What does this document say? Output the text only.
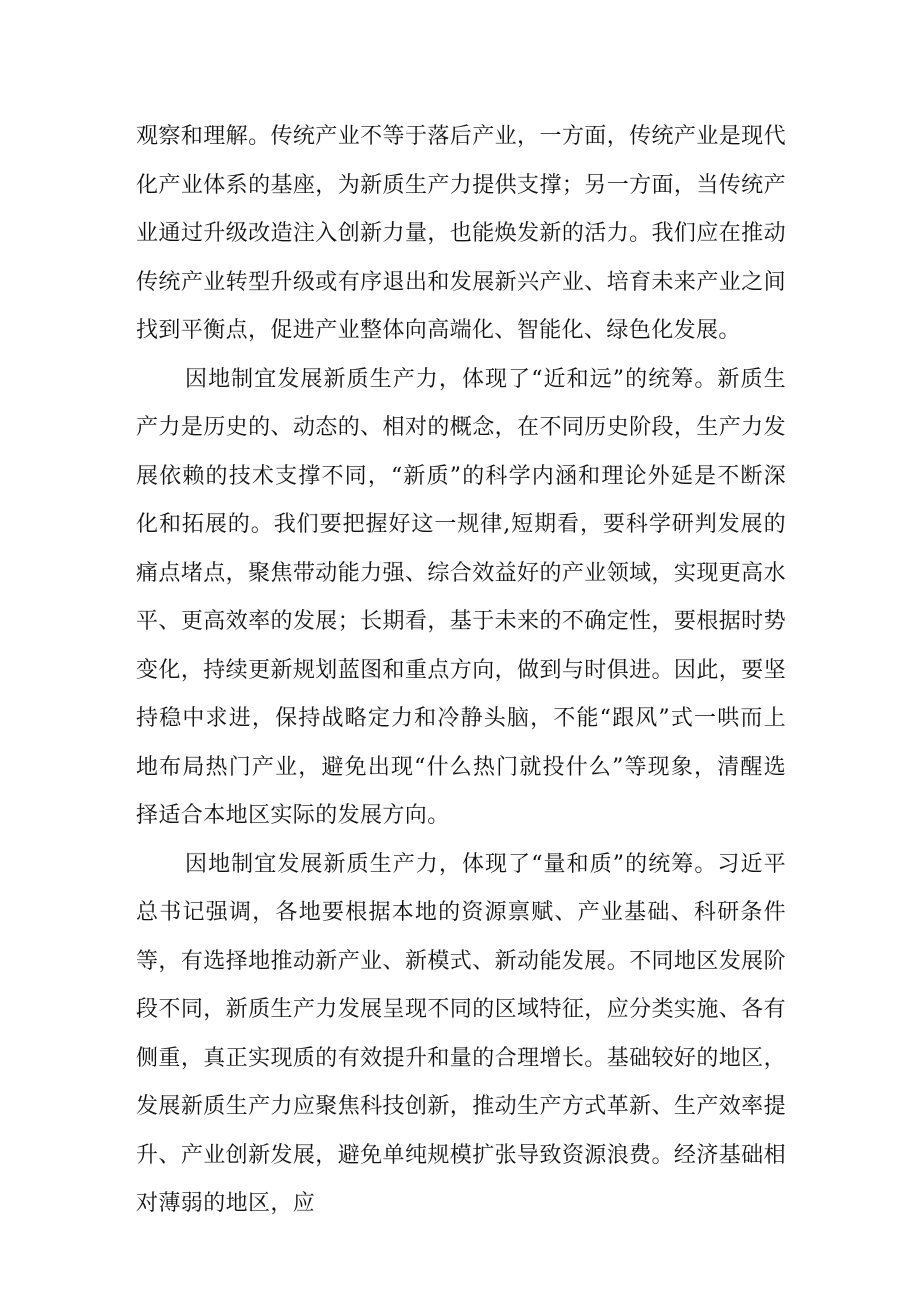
观察和理解。传统产业不等于落后产业，一方面，传统产业是现代化产业体系的基座，为新质生产力提供支撑；另一方面，当传统产业通过升级改造注入创新力量，也能焕发新的活力。我们应在推动传统产业转型升级或有序退出和发展新兴产业、培育未来产业之间找到平衡点，促进产业整体向高端化、智能化、绿色化发展。

因地制宜发展新质生产力，体现了“近和远”的统筹。新质生产力是历史的、动态的、相对的概念，在不同历史阶段，生产力发展依赖的技术支撑不同，“新质”的科学内涵和理论外延是不断深化和拓展的。我们要把握好这一规律,短期看，要科学研判发展的痛点堵点，聚焦带动能力强、综合效益好的产业领域，实现更高水平、更高效率的发展；长期看，基于未来的不确定性，要根据时势变化，持续更新规划蓝图和重点方向，做到与时俱进。因此，要坚持稳中求进，保持战略定力和冷静头脑，不能“跟风”式一哄而上地布局热门产业，避免出现“什么热门就投什么”等现象，清醒选择适合本地区实际的发展方向。

因地制宜发展新质生产力，体现了“量和质”的统筹。习近平总书记强调，各地要根据本地的资源禀赋、产业基础、科研条件等，有选择地推动新产业、新模式、新动能发展。不同地区发展阶段不同，新质生产力发展呈现不同的区域特征，应分类实施、各有侧重，真正实现质的有效提升和量的合理增长。基础较好的地区，发展新质生产力应聚焦科技创新，推动生产方式革新、生产效率提升、产业创新发展，避免单纯规模扩张导致资源浪费。经济基础相对薄弱的地区，应
